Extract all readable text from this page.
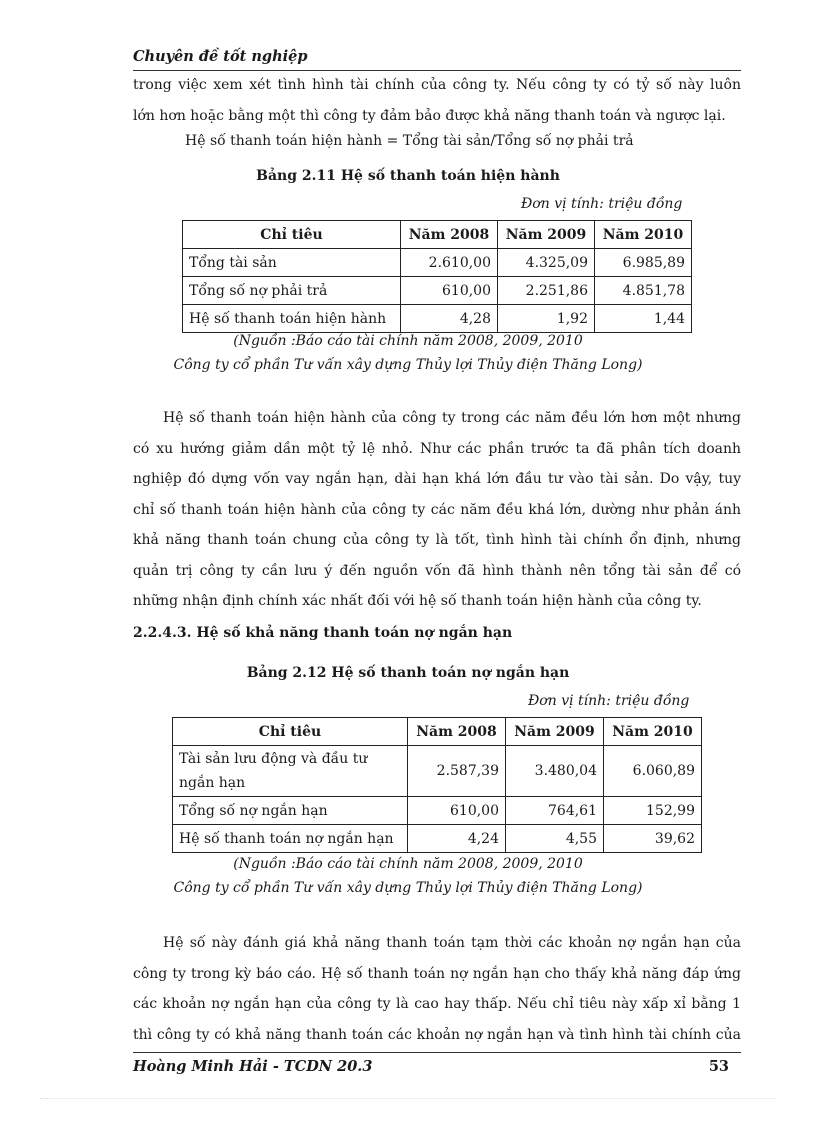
Chuyên đề tốt nghiệp
trong việc xem xét tình hình tài chính của công ty. Nếu công ty có tỷ số này luôn
lớn hơn hoặc bằng một thì công ty đảm bảo được khả năng thanh toán và ngược lại.
Hệ số thanh toán hiện hành = Tổng tài sản/Tổng số nợ phải trả
Bảng 2.11 Hệ số thanh toán hiện hành
Đơn vị tính: triệu đồng
Chỉ tiêu	Năm 2008	Năm 2009	Năm 2010
Tổng tài sản	2.610,00	4.325,09	6.985,89
Tổng số nợ phải trả	610,00	2.251,86	4.851,78
Hệ số thanh toán hiện hành	4,28	1,92	1,44
(Nguồn :Báo cáo tài chính năm 2008, 2009, 2010
Công ty cổ phần Tư vấn xây dựng Thủy lợi Thủy điện Thăng Long)
Hệ số thanh toán hiện hành của công ty trong các năm đều lớn hơn một nhưng
có xu hướng giảm dần một tỷ lệ nhỏ. Như các phần trước ta đã phân tích doanh
nghiệp đó dựng vốn vay ngắn hạn, dài hạn khá lớn đầu tư vào tài sản. Do vậy, tuy
chỉ số thanh toán hiện hành của công ty các năm đều khá lớn, dường như phản ánh
khả năng thanh toán chung của công ty là tốt, tình hình tài chính ổn định, nhưng
quản trị công ty cần lưu ý đến nguồn vốn đã hình thành nên tổng tài sản để có
những nhận định chính xác nhất đối với hệ số thanh toán hiện hành của công ty.
2.2.4.3. Hệ số khả năng thanh toán nợ ngắn hạn
Bảng 2.12 Hệ số thanh toán nợ ngắn hạn
Đơn vị tính: triệu đồng
Chỉ tiêu	Năm 2008	Năm 2009	Năm 2010

Tài sản lưu động và đầu tư
ngắn hạn	2.587,39	3.480,04	6.060,89
Tổng số nợ ngắn hạn	610,00	764,61	152,99
Hệ số thanh toán nợ ngắn hạn	4,24	4,55	39,62
(Nguồn :Báo cáo tài chính năm 2008, 2009, 2010
Công ty cổ phần Tư vấn xây dựng Thủy lợi Thủy điện Thăng Long)
Hệ số này đánh giá khả năng thanh toán tạm thời các khoản nợ ngắn hạn của
công ty trong kỳ báo cáo. Hệ số thanh toán nợ ngắn hạn cho thấy khả năng đáp ứng
các khoản nợ ngắn hạn của công ty là cao hay thấp. Nếu chỉ tiêu này xấp xỉ bằng 1
thì công ty có khả năng thanh toán các khoản nợ ngắn hạn và tình hình tài chính của
Hoàng Minh Hải - TCDN 20.3	53
